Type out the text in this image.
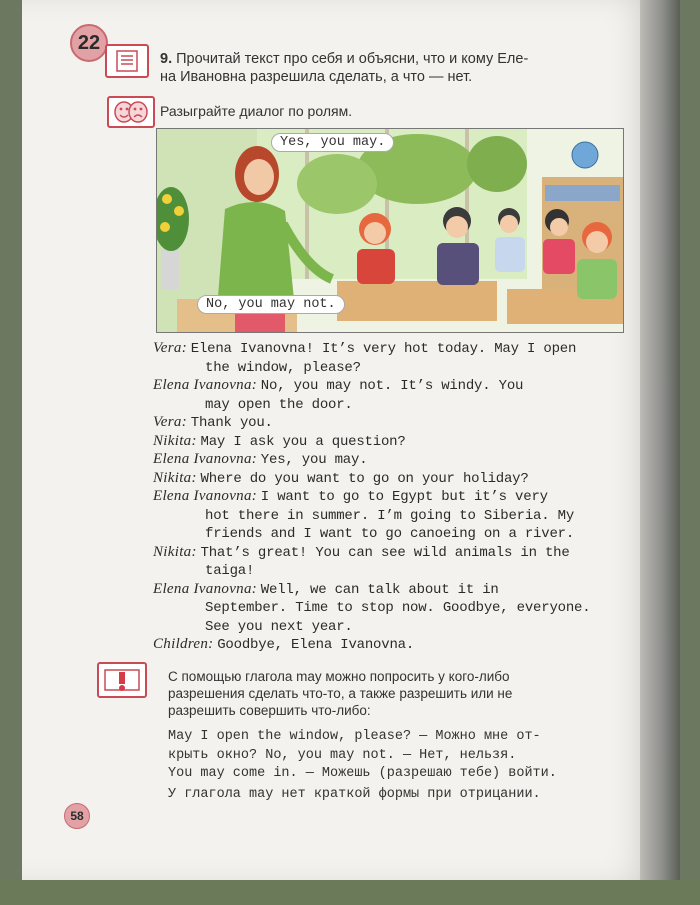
22
9. Прочитай текст про себя и объясни, что и кому Еле-
на Ивановна разрешила сделать, а что — нет.
Разыграйте диалог по ролям.
Yes, you may.
No, you may not.
Vera: Elena Ivanovna! It’s very hot today. May I open
the window, please?
Elena Ivanovna: No, you may not. It’s windy. You
may open the door.
Vera: Thank you.
Nikita: May I ask you a question?
Elena Ivanovna: Yes, you may.
Nikita: Where do you want to go on your holiday?
Elena Ivanovna: I want to go to Egypt but it’s very
hot there in summer. I’m going to Siberia. My
friends and I want to go canoeing on a river.
Nikita: That’s great! You can see wild animals in the
taiga!
Elena Ivanovna: Well, we can talk about it in
September. Time to stop now. Goodbye, everyone.
See you next year.
Children: Goodbye, Elena Ivanovna.
С помощью глагола may можно попросить у кого-либо
разрешения сделать что-то, а также разрешить или не
разрешить совершить что-либо:
May I open the window, please? — Можно мне от-
крыть окно? No, you may not. — Нет, нельзя.
You may come in. — Можешь (разрешаю тебе) войти.
У глагола may нет краткой формы при отрицании.
58
